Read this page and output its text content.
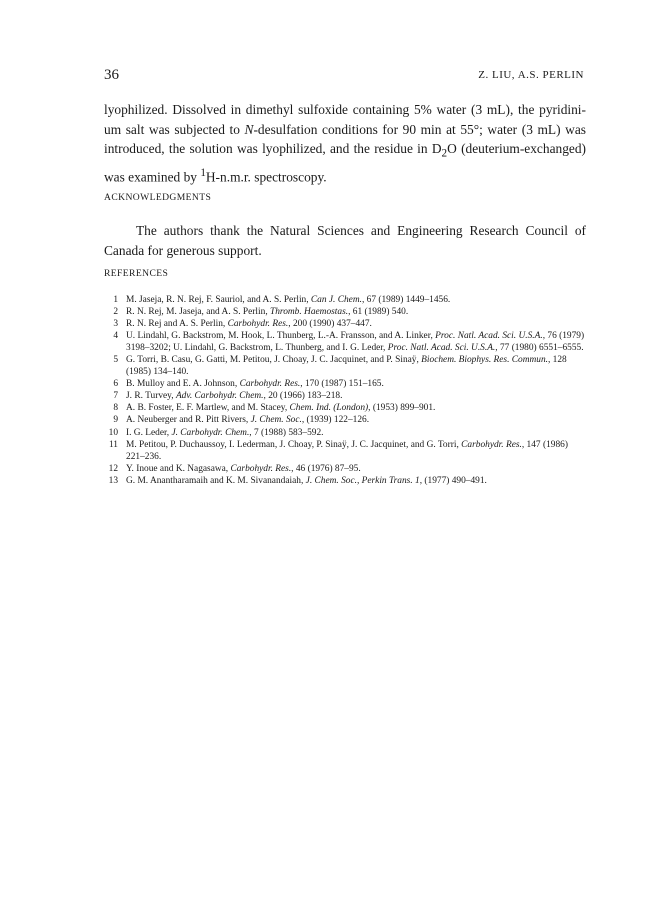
36	Z. LIU, A.S. PERLIN

lyophilized. Dissolved in dimethyl sulfoxide containing 5% water (3 mL), the pyridini-um salt was subjected to N-desulfation conditions for 90 min at 55°; water (3 mL) was introduced, the solution was lyophilized, and the residue in $D_2O$ (deuterium-exchanged) was examined by $^1$H-n.m.r. spectroscopy.

ACKNOWLEDGMENTS

The authors thank the Natural Sciences and Engineering Research Council of Canada for generous support.

REFERENCES

1 M. Jaseja, R. N. Rej, F. Sauriol, and A. S. Perlin, Can J. Chem., 67 (1989) 1449–1456.
2 R. N. Rej, M. Jaseja, and A. S. Perlin, Thromb. Haemostas., 61 (1989) 540.
3 R. N. Rej and A. S. Perlin, Carbohydr. Res., 200 (1990) 437–447.
4 U. Lindahl, G. Backstrom, M. Hook, L. Thunberg, L.-A. Fransson, and A. Linker, Proc. Natl. Acad. Sci. U.S.A., 76 (1979) 3198–3202; U. Lindahl, G. Backstrom, L. Thunberg, and I. G. Leder, Proc. Natl. Acad. Sci. U.S.A., 77 (1980) 6551–6555.
5 G. Torri, B. Casu, G. Gatti, M. Petitou, J. Choay, J. C. Jacquinet, and P. Sinaÿ, Biochem. Biophys. Res. Commun., 128 (1985) 134–140.
6 B. Mulloy and E. A. Johnson, Carbohydr. Res., 170 (1987) 151–165.
7 J. R. Turvey, Adv. Carbohydr. Chem., 20 (1966) 183–218.
8 A. B. Foster, E. F. Martlew, and M. Stacey, Chem. Ind. (London), (1953) 899–901.
9 A. Neuberger and R. Pitt Rivers, J. Chem. Soc., (1939) 122–126.
10 I. G. Leder, J. Carbohydr. Chem., 7 (1988) 583–592.
11 M. Petitou, P. Duchaussoy, I. Lederman, J. Choay, P. Sinaÿ, J. C. Jacquinet, and G. Torri, Carbohydr. Res., 147 (1986) 221–236.
12 Y. Inoue and K. Nagasawa, Carbohydr. Res., 46 (1976) 87–95.
13 G. M. Anantharamaih and K. M. Sivanandaiah, J. Chem. Soc., Perkin Trans. 1, (1977) 490–491.
